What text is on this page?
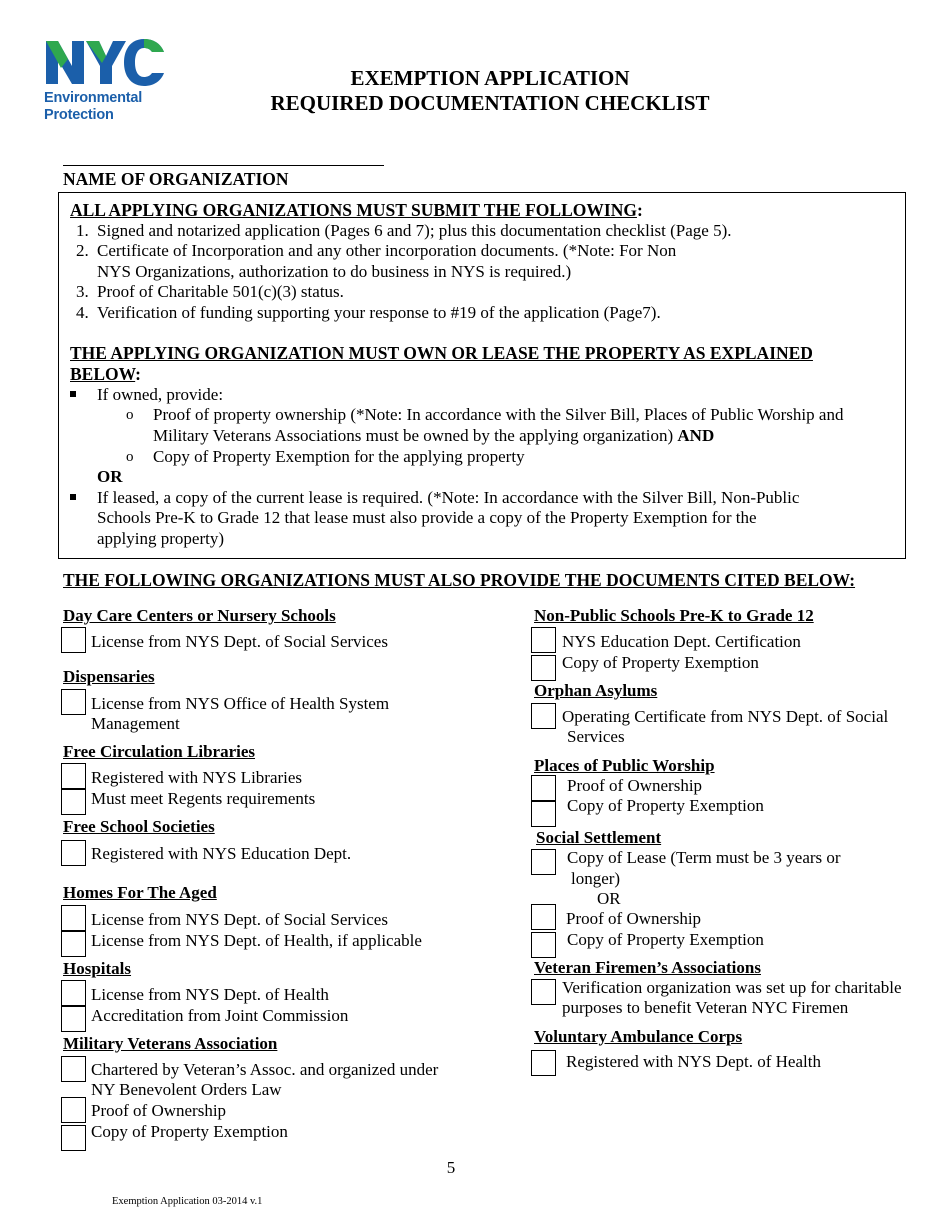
Environmental
Protection
EXEMPTION APPLICATION
REQUIRED DOCUMENTATION CHECKLIST
NAME OF ORGANIZATION
ALL APPLYING ORGANIZATIONS MUST SUBMIT THE FOLLOWING:
1. Signed and notarized application (Pages 6 and 7); plus this documentation checklist (Page 5).
2. Certificate of Incorporation and any other incorporation documents. (*Note: For Non
NYS Organizations, authorization to do business in NYS is required.)
3. Proof of Charitable 501(c)(3) status.
4. Verification of funding supporting your response to #19 of the application (Page7).
THE APPLYING ORGANIZATION MUST OWN OR LEASE THE PROPERTY AS EXPLAINED
BELOW:
If owned, provide:
o Proof of property ownership (*Note: In accordance with the Silver Bill, Places of Public Worship and
Military Veterans Associations must be owned by the applying organization) AND
o Copy of Property Exemption for the applying property
OR
If leased, a copy of the current lease is required. (*Note: In accordance with the Silver Bill, Non-Public
Schools Pre-K to Grade 12 that lease must also provide a copy of the Property Exemption for the
applying property)
THE FOLLOWING ORGANIZATIONS MUST ALSO PROVIDE THE DOCUMENTS CITED BELOW:
Day Care Centers or Nursery Schools
License from NYS Dept. of Social Services
Dispensaries
License from NYS Office of Health System
Management
Free Circulation Libraries
Registered with NYS Libraries
Must meet Regents requirements
Free School Societies
Registered with NYS Education Dept.
Homes For The Aged
License from NYS Dept. of Social Services
License from NYS Dept. of Health, if applicable
Hospitals
License from NYS Dept. of Health
Accreditation from Joint Commission
Military Veterans Association
Chartered by Veteran’s Assoc. and organized under
NY Benevolent Orders Law
Proof of Ownership
Copy of Property Exemption
Non-Public Schools Pre-K to Grade 12
NYS Education Dept. Certification
Copy of Property Exemption
Orphan Asylums
Operating Certificate from NYS Dept. of Social
Services
Places of Public Worship
Proof of Ownership
Copy of Property Exemption
Social Settlement
Copy of Lease (Term must be 3 years or
longer)
OR
Proof of Ownership
Copy of Property Exemption
Veteran Firemen’s Associations
Verification organization was set up for charitable
purposes to benefit Veteran NYC Firemen
Voluntary Ambulance Corps
Registered with NYS Dept. of Health
5
Exemption Application 03-2014 v.1
